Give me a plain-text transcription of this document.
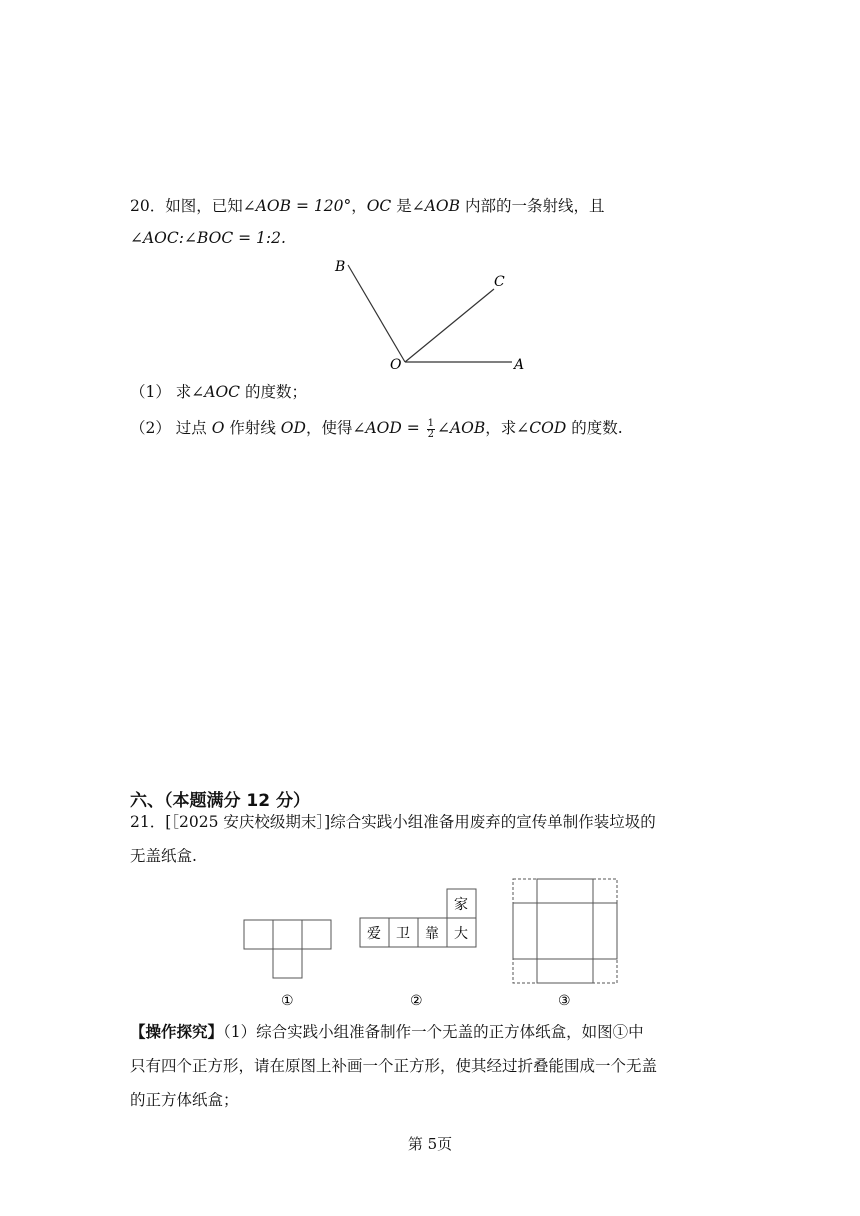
20．如图，已知∠AOB = 120°，OC 是∠AOB 内部的一条射线，且
∠AOC:∠BOC = 1:2.
B
C
O	A
（1） 求∠AOC 的度数；
（2） 过点 O 作射线 OD，使得∠AOD = $\frac{1}{2}$ ∠AOB，求∠COD 的度数.
六、（本题满分 12 分）
21．[［2025 安庆校级期末］]综合实践小组准备用废弃的宣传单制作装垃圾的
无盖纸盒.
爱 卫 靠 大
家
①	②	③
【操作探究】（1）综合实践小组准备制作一个无盖的正方体纸盒，如图①中
只有四个正方形，请在原图上补画一个正方形，使其经过折叠能围成一个无盖
的正方体纸盒；
第 5页
